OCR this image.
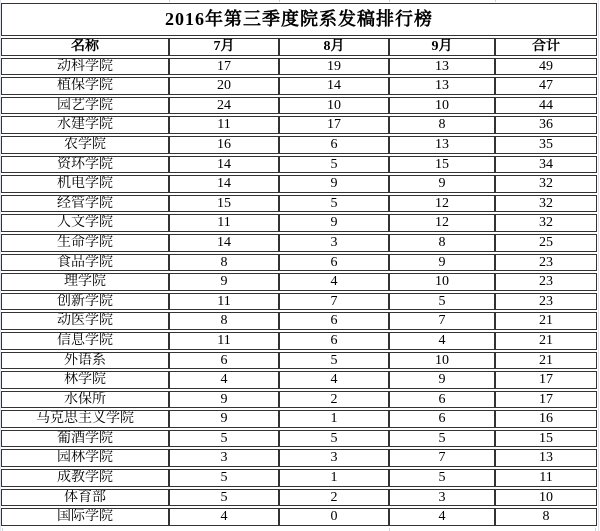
2016年第三季度院系发稿排行榜				
名称	7月	8月	9月	合计
动科学院	17	19	13	49
植保学院	20	14	13	47
园艺学院	24	10	10	44
水建学院	11	17	8	36
农学院	16	6	13	35
资环学院	14	5	15	34
机电学院	14	9	9	32
经管学院	15	5	12	32
人文学院	11	9	12	32
生命学院	14	3	8	25
食品学院	8	6	9	23
理学院	9	4	10	23
创新学院	11	7	5	23
动医学院	8	6	7	21
信息学院	11	6	4	21
外语系	6	5	10	21
林学院	4	4	9	17
水保所	9	2	6	17
马克思主义学院	9	1	6	16
葡酒学院	5	5	5	15
园林学院	3	3	7	13
成教学院	5	1	5	11
体育部	5	2	3	10
国际学院	4	0	4	8
